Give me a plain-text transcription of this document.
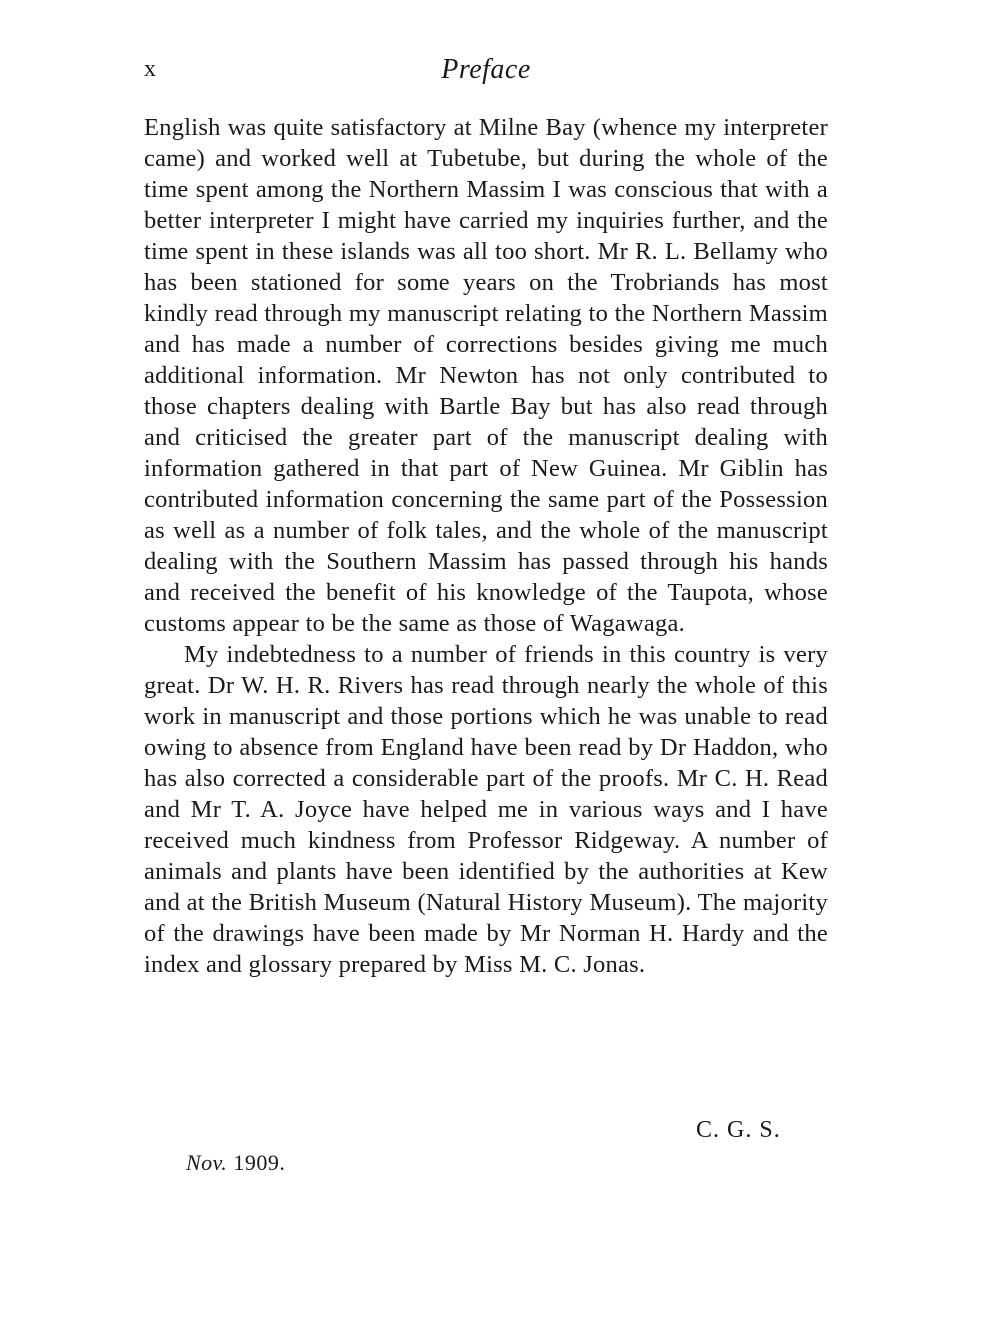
x	Preface

English was quite satisfactory at Milne Bay (whence my interpreter came) and worked well at Tubetube, but during the whole of the time spent among the Northern Massim I was conscious that with a better interpreter I might have carried my inquiries further, and the time spent in these islands was all too short. Mr R. L. Bellamy who has been stationed for some years on the Trobriands has most kindly read through my manuscript relating to the Northern Massim and has made a number of corrections besides giving me much additional information. Mr Newton has not only contributed to those chapters dealing with Bartle Bay but has also read through and criticised the greater part of the manuscript dealing with information gathered in that part of New Guinea. Mr Giblin has contributed information concerning the same part of the Possession as well as a number of folk tales, and the whole of the manuscript dealing with the Southern Massim has passed through his hands and received the benefit of his knowledge of the Taupota, whose customs appear to be the same as those of Wagawaga.

My indebtedness to a number of friends in this country is very great. Dr W. H. R. Rivers has read through nearly the whole of this work in manuscript and those portions which he was unable to read owing to absence from England have been read by Dr Haddon, who has also corrected a considerable part of the proofs. Mr C. H. Read and Mr T. A. Joyce have helped me in various ways and I have received much kindness from Professor Ridgeway. A number of animals and plants have been identified by the authorities at Kew and at the British Museum (Natural History Museum). The majority of the drawings have been made by Mr Norman H. Hardy and the index and glossary prepared by Miss M. C. Jonas.

C. G. S.
Nov. 1909.
